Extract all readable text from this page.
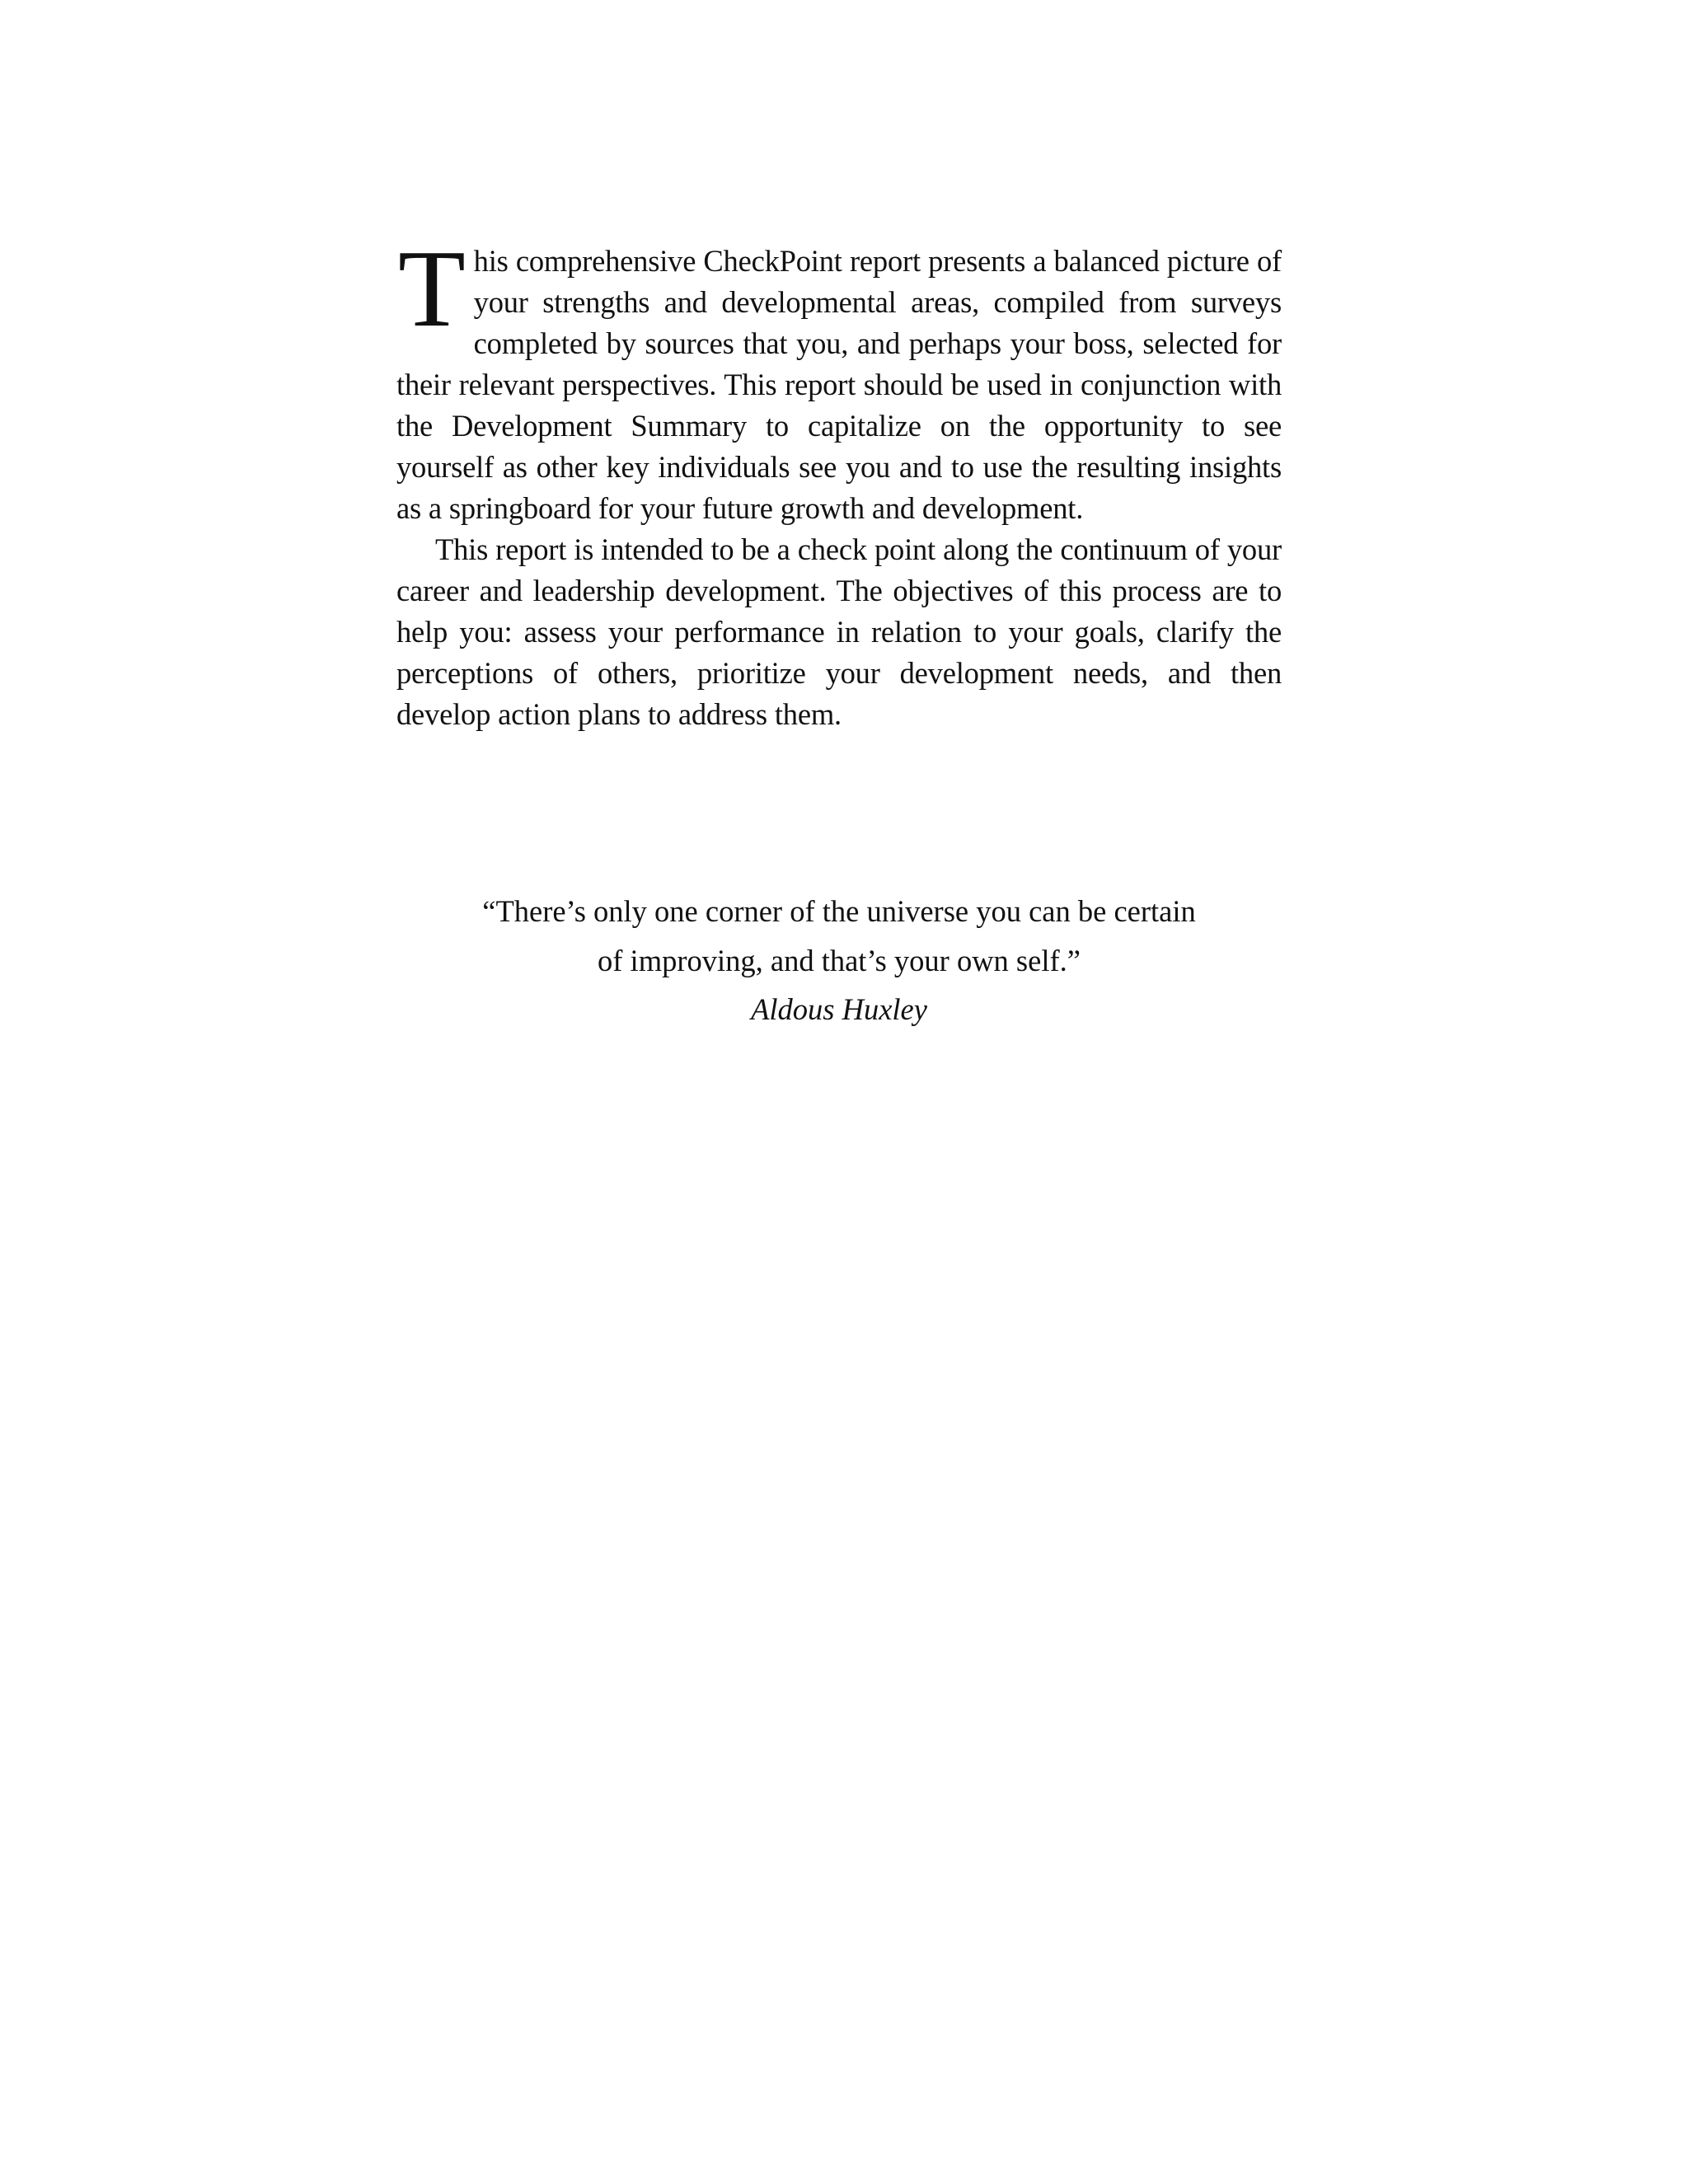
This comprehensive CheckPoint report presents a balanced picture of your strengths and developmental areas, compiled from surveys completed by sources that you, and perhaps your boss, selected for their relevant perspectives. This report should be used in conjunction with the Development Summary to capitalize on the opportunity to see yourself as other key individuals see you and to use the resulting insights as a springboard for your future growth and development.

This report is intended to be a check point along the continuum of your career and leadership development. The objectives of this process are to help you: assess your performance in relation to your goals, clarify the perceptions of others, prioritize your development needs, and then develop action plans to address them.

“There’s only one corner of the universe you can be certain
of improving, and that’s your own self.”
Aldous Huxley
